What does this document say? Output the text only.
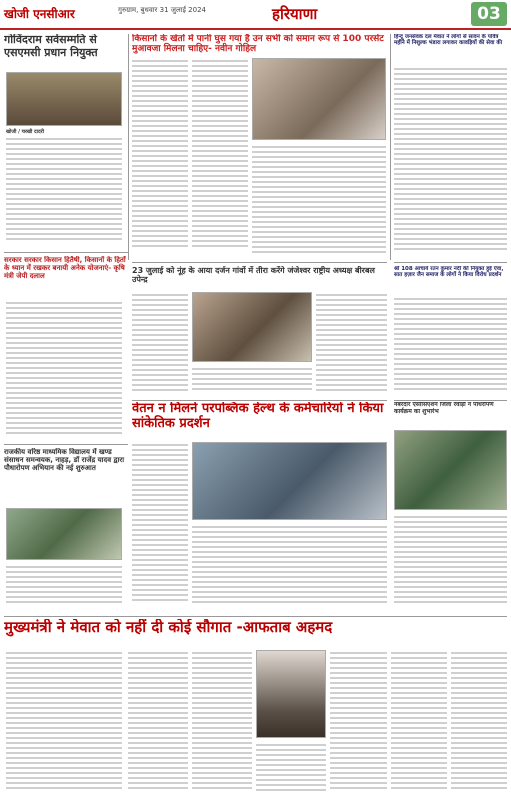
खोजी एनसीआर	गुरुग्राम, बुधवार 31 जुलाई 2024	हरियाणा	03
गोविंदराम सर्वसम्मति से एसएमसी प्रधान नियुक्त
खोजी / चरखी दादरी
किसानों के खेतों में पानी घुस गया है उन सभी को समान रूप से 100 परसेंट मुआवजा मिलना चाहिए- नवीन गोहिल
हिन्दू जनसेवक दल मेवात ने लोगों से सावन के पवित्र महीने में निशुल्क भंडारा लगाकर कावड़ियों की सेवा की
सरकार सरकार किसान हितैषी, किसानों के हितों के ध्यान में रखकर बनायी अनेक योजनाएं- कृषि मंत्री जेपी दलाल
23 जुलाई को नूंह के आया दर्जन गांवों में तीरा करेंगे जंजेश्वर राष्ट्रीय अध्यक्ष बीरबल उपेन्द्र
श्री 108 आचार्य रतन कुमार नंदी की नियुक्त हुई ऐवा, सात हज़ार जैन समाज के लोगों ने किया विरोध प्रदर्शन
वेतन न मिलने परपब्लिक हेल्थ के कर्मचारियों ने किया सांकेतिक प्रदर्शन
नंबरदार एसोसिएशन जिला रेवाड़ी ने पौधरोपण कार्यक्रम का शुभारंभ
राजकीय वरिष्ठ माध्यमिक विद्यालय में खण्ड संसाधन समन्वयक, नाहड़, डॉ राजेंद्र यादव द्वारा पौधारोपण अभियान की नई शुरुआत
मुख्यमंत्री ने मेवात को नहीं दी कोई सौगात -आफताब अहमद
